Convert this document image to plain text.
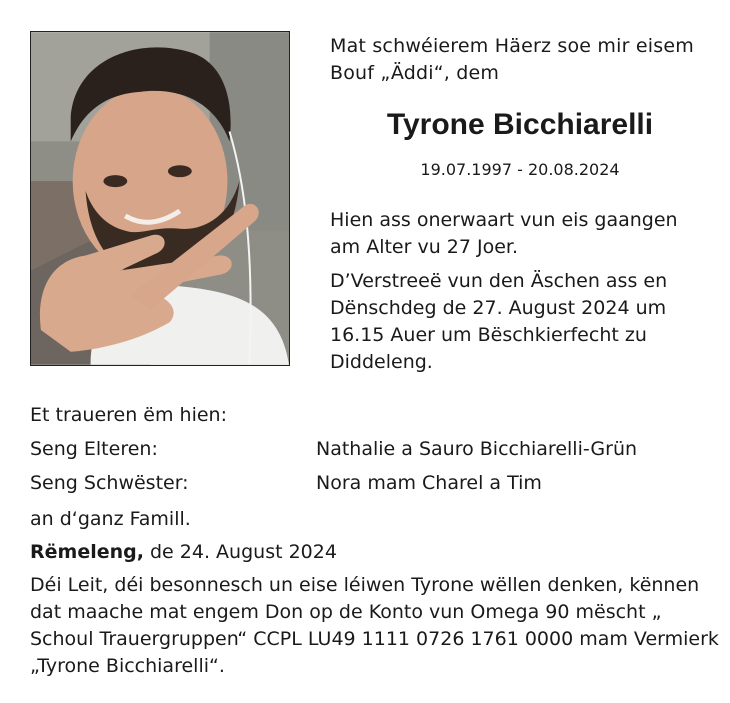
Mat schwéierem Häerz soe mir eisem Bouf „Äddi“, dem
Tyrone Bicchiarelli
19.07.1997 - 20.08.2024
Hien ass onerwaart vun eis gaangen am Alter vu 27 Joer.
D’Verstreeë vun den Äschen ass en Dënschdeg de 27. August 2024 um 16.15 Auer um Bëschkierfecht zu Diddeleng.
Et traueren ëm hien:
Seng Elteren:	Nathalie a Sauro Bicchiarelli-Grün
Seng Schwëster:	Nora mam Charel a Tim
an d‘ganz Famill.
Rëmeleng, de 24. August 2024
Déi Leit, déi besonnesch un eise léiwen Tyrone wëllen denken, kënnen dat maache mat engem Don op de Konto vun Omega 90 mëscht „ Schoul Trauergruppen“ CCPL LU49 1111 0726 1761 0000 mam Vermierk „Tyrone Bicchiarelli“.
